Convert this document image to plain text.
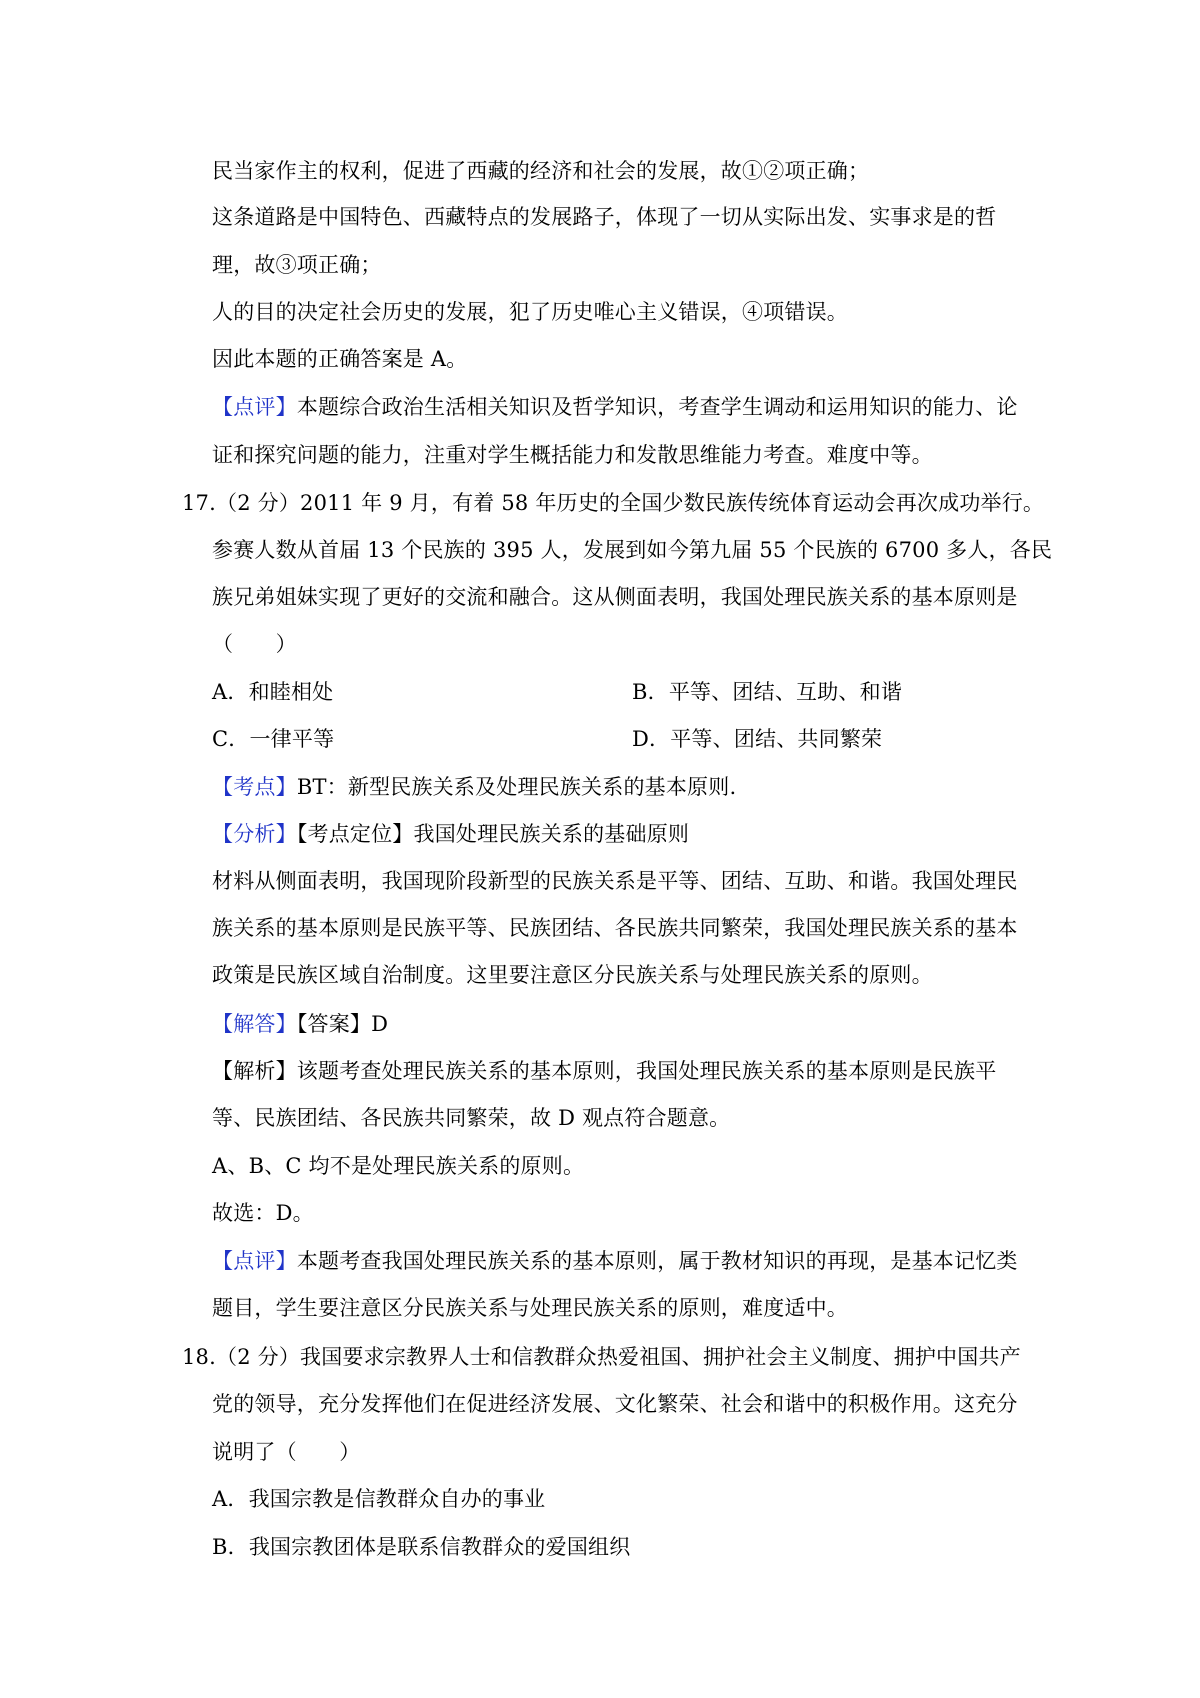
民当家作主的权利，促进了西藏的经济和社会的发展，故①②项正确；
这条道路是中国特色、西藏特点的发展路子，体现了一切从实际出发、实事求是的哲
理，故③项正确；
人的目的决定社会历史的发展，犯了历史唯心主义错误，④项错误。
因此本题的正确答案是 A。
【点评】本题综合政治生活相关知识及哲学知识，考查学生调动和运用知识的能力、论
证和探究问题的能力，注重对学生概括能力和发散思维能力考查。难度中等。
17.（2 分）2011 年 9 月，有着 58 年历史的全国少数民族传统体育运动会再次成功举行。
参赛人数从首届 13 个民族的 395 人，发展到如今第九届 55 个民族的 6700 多人，各民
族兄弟姐妹实现了更好的交流和融合。这从侧面表明，我国处理民族关系的基本原则是
（　　）
A．和睦相处	B．平等、团结、互助、和谐
C．一律平等	D．平等、团结、共同繁荣
【考点】BT：新型民族关系及处理民族关系的基本原则.
【分析】【考点定位】我国处理民族关系的基础原则
材料从侧面表明，我国现阶段新型的民族关系是平等、团结、互助、和谐。我国处理民
族关系的基本原则是民族平等、民族团结、各民族共同繁荣，我国处理民族关系的基本
政策是民族区域自治制度。这里要注意区分民族关系与处理民族关系的原则。
【解答】【答案】D
【解析】该题考查处理民族关系的基本原则，我国处理民族关系的基本原则是民族平
等、民族团结、各民族共同繁荣，故 D 观点符合题意。
A、B、C 均不是处理民族关系的原则。
故选：D。
【点评】本题考查我国处理民族关系的基本原则，属于教材知识的再现，是基本记忆类
题目，学生要注意区分民族关系与处理民族关系的原则，难度适中。
18.（2 分）我国要求宗教界人士和信教群众热爱祖国、拥护社会主义制度、拥护中国共产
党的领导，充分发挥他们在促进经济发展、文化繁荣、社会和谐中的积极作用。这充分
说明了（　　）
A．我国宗教是信教群众自办的事业
B．我国宗教团体是联系信教群众的爱国组织
